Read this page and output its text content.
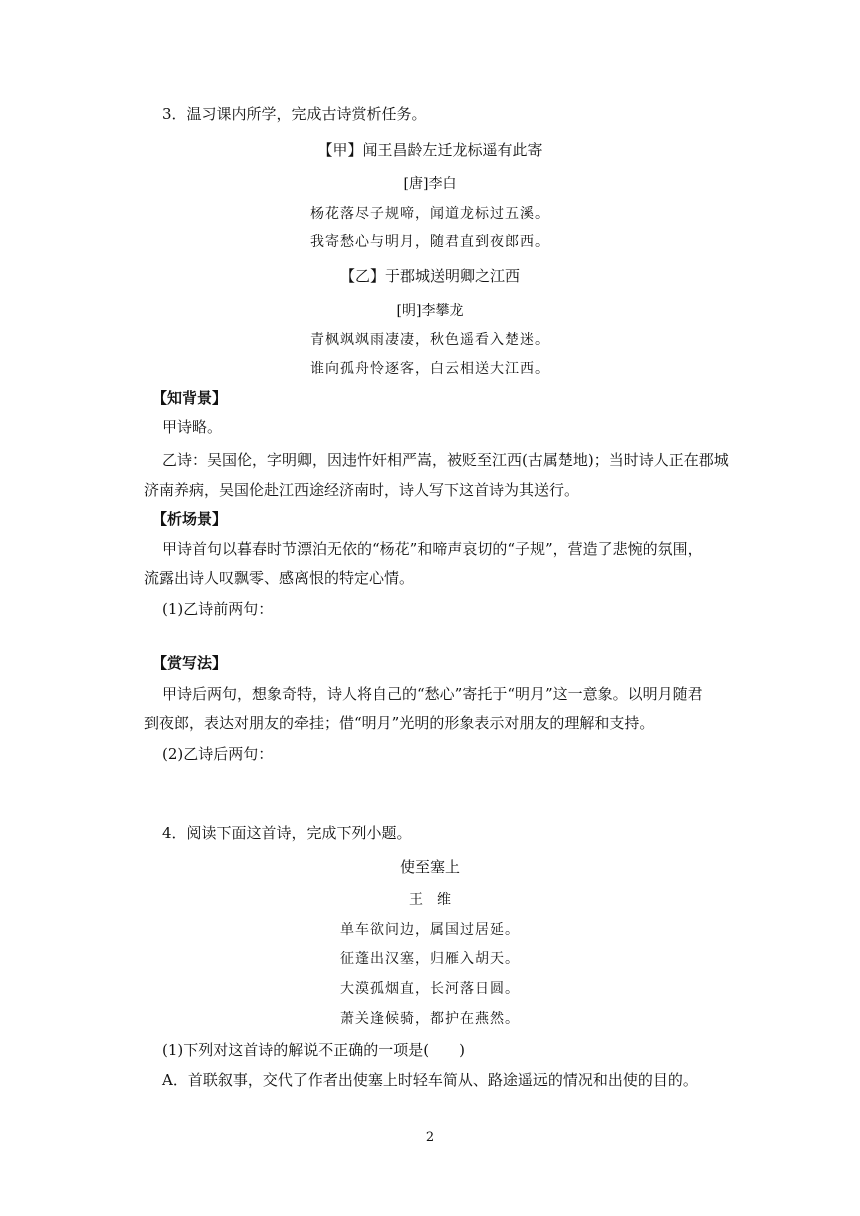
3．温习课内所学，完成古诗赏析任务。
【甲】闻王昌龄左迁龙标遥有此寄
[唐]李白
杨花落尽子规啼，闻道龙标过五溪。
我寄愁心与明月，随君直到夜郎西。
【乙】于郡城送明卿之江西
[明]李攀龙
青枫飒飒雨凄凄，秋色遥看入楚迷。
谁向孤舟怜逐客，白云相送大江西。
【知背景】
甲诗略。
乙诗：吴国伦，字明卿，因违忤奸相严嵩，被贬至江西(古属楚地)；当时诗人正在郡城
济南养病，吴国伦赴江西途经济南时，诗人写下这首诗为其送行。
【析场景】
甲诗首句以暮春时节漂泊无依的“杨花”和啼声哀切的“子规”，营造了悲惋的氛围，
流露出诗人叹飘零、感离恨的特定心情。
(1)乙诗前两句：
【赏写法】
甲诗后两句，想象奇特，诗人将自己的“愁心”寄托于“明月”这一意象。以明月随君
到夜郎，表达对朋友的牵挂；借“明月”光明的形象表示对朋友的理解和支持。
(2)乙诗后两句：
4．阅读下面这首诗，完成下列小题。
使至塞上
王　维
单车欲问边，属国过居延。
征蓬出汉塞，归雁入胡天。
大漠孤烟直，长河落日圆。
萧关逢候骑，都护在燕然。
(1)下列对这首诗的解说不正确的一项是(　　)
A．首联叙事，交代了作者出使塞上时轻车简从、路途遥远的情况和出使的目的。
2
